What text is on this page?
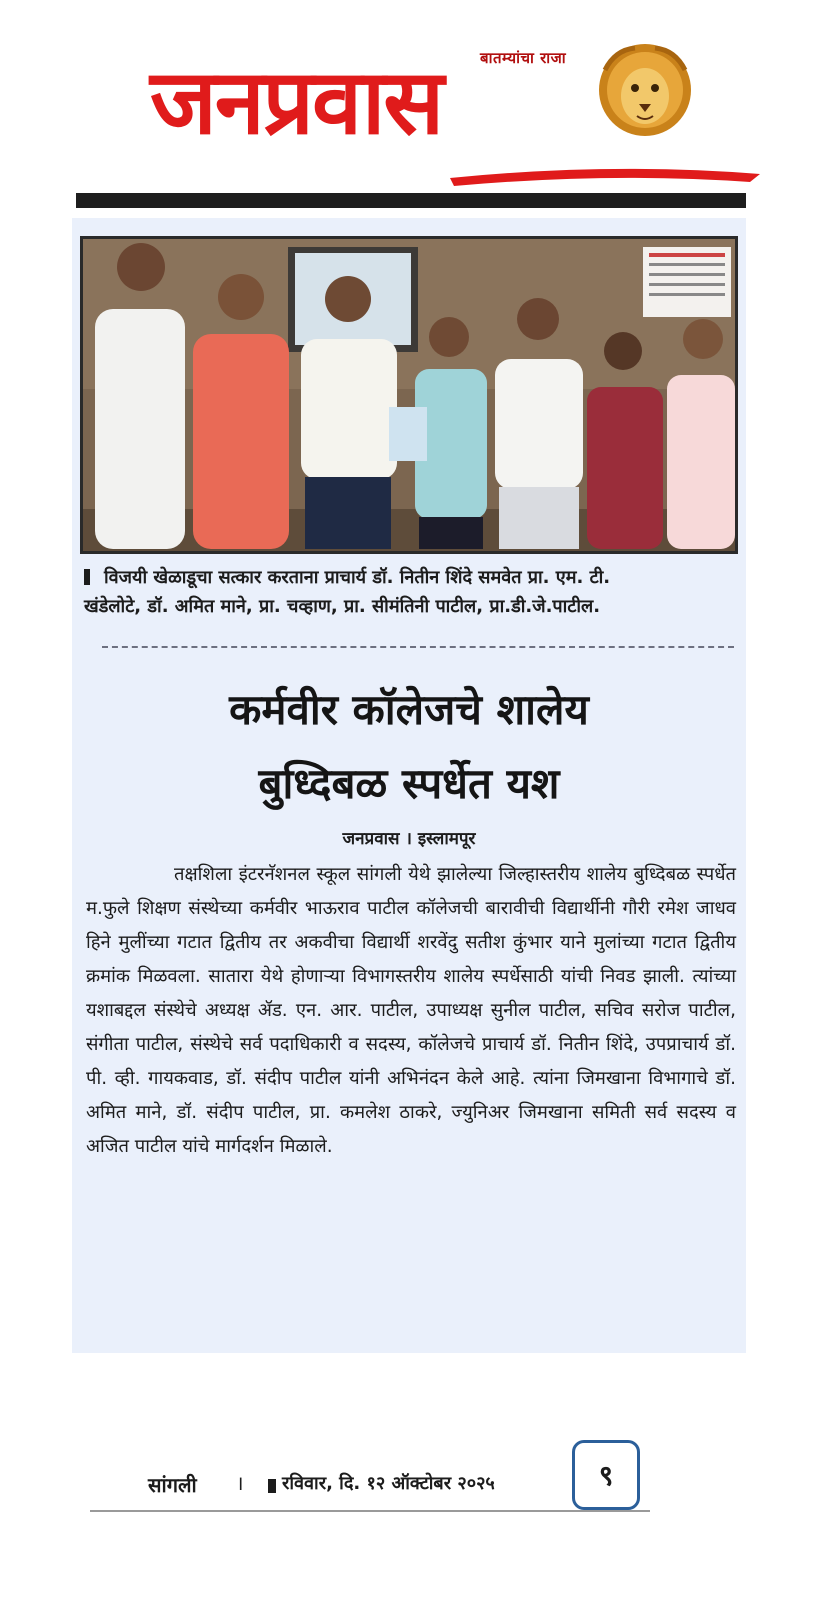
बातम्यांचा राजा
जनप्रवास
विजयी खेळाडूचा सत्कार करताना प्राचार्य डॉ. नितीन शिंदे समवेत प्रा. एम. टी.
खंडेलोटे, डॉ. अमित माने, प्रा. चव्हाण, प्रा. सीमंतिनी पाटील, प्रा.डी.जे.पाटील.
कर्मवीर कॉलेजचे शालेय
बुध्दिबळ स्पर्धेत यश
जनप्रवास । इस्लामपूर
तक्षशिला इंटरनॅशनल स्कूल सांगली येथे झालेल्या जिल्हास्तरीय शालेय बुध्दिबळ स्पर्धेत म.फुले शिक्षण संस्थेच्या कर्मवीर भाऊराव पाटील कॉलेजची बारावीची विद्यार्थीनी गौरी रमेश जाधव हिने मुलींच्या गटात द्वितीय तर अकवीचा विद्यार्थी शरवेंदु सतीश कुंभार याने मुलांच्या गटात द्वितीय क्रमांक मिळवला. सातारा येथे होणाऱ्या विभागस्तरीय शालेय स्पर्धेसाठी यांची निवड झाली. त्यांच्या यशाबद्दल संस्थेचे अध्यक्ष ॲड. एन. आर. पाटील, उपाध्यक्ष सुनील पाटील, सचिव सरोज पाटील, संगीता पाटील, संस्थेचे सर्व पदाधिकारी व सदस्य, कॉलेजचे प्राचार्य डॉ. नितीन शिंदे, उपप्राचार्य डॉ. पी. व्ही. गायकवाड, डॉ. संदीप पाटील यांनी अभिनंदन केले आहे. त्यांना जिमखाना विभागाचे डॉ. अमित माने, डॉ. संदीप पाटील, प्रा. कमलेश ठाकरे, ज्युनिअर जिमखाना समिती सर्व सदस्य व अजित पाटील यांचे मार्गदर्शन मिळाले.
सांगली । रविवार, दि. १२ ऑक्टोबर २०२५	९
